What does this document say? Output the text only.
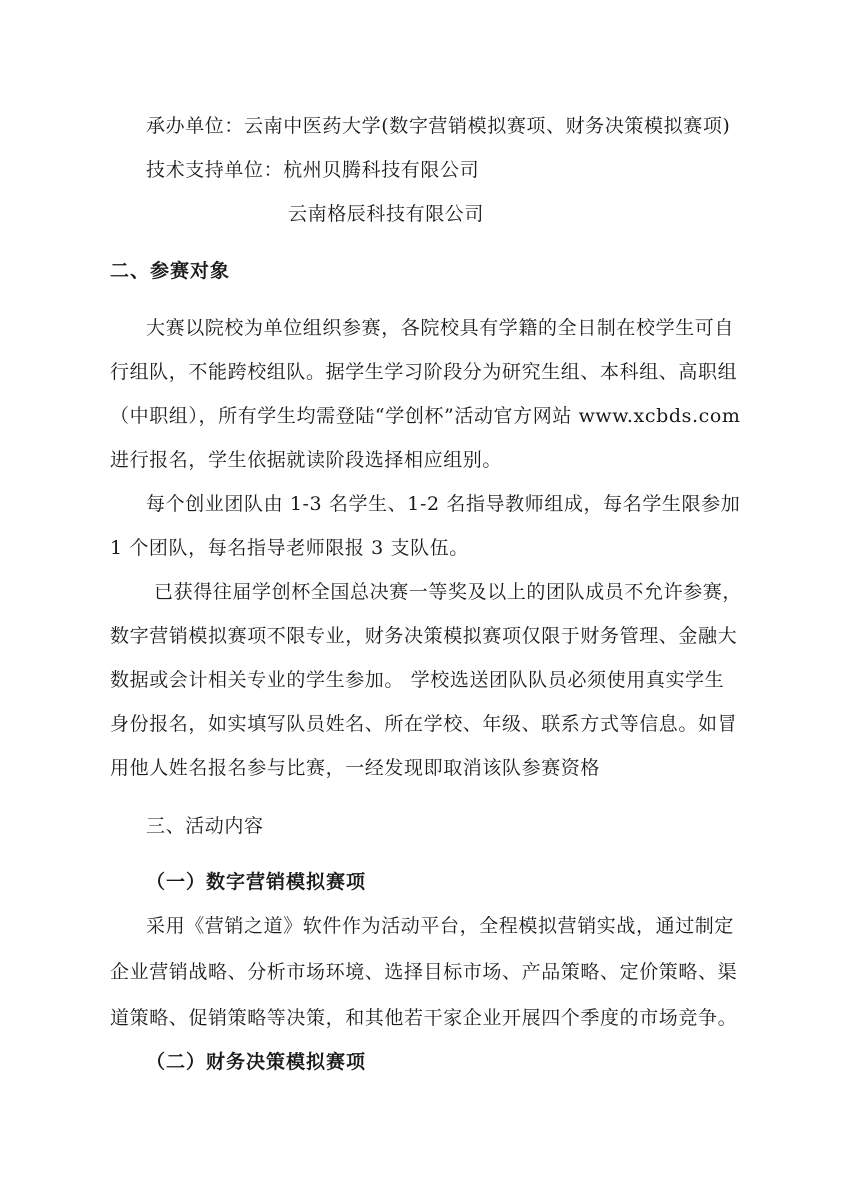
承办单位：云南中医药大学(数字营销模拟赛项、财务决策模拟赛项)
技术支持单位：杭州贝腾科技有限公司
云南格辰科技有限公司
二、参赛对象
大赛以院校为单位组织参赛，各院校具有学籍的全日制在校学生可自
行组队，不能跨校组队。据学生学习阶段分为研究生组、本科组、高职组
（中职组），所有学生均需登陆“学创杯”活动官方网站 www.xcbds.com
进行报名，学生依据就读阶段选择相应组别。
每个创业团队由 1-3 名学生、1-2 名指导教师组成，每名学生限参加
1 个团队，每名指导老师限报 3 支队伍。
已获得往届学创杯全国总决赛一等奖及以上的团队成员不允许参赛，
数字营销模拟赛项不限专业，财务决策模拟赛项仅限于财务管理、金融大
数据或会计相关专业的学生参加。 学校选送团队队员必须使用真实学生
身份报名，如实填写队员姓名、所在学校、年级、联系方式等信息。如冒
用他人姓名报名参与比赛，一经发现即取消该队参赛资格
三、活动内容
（一）数字营销模拟赛项
采用《营销之道》软件作为活动平台，全程模拟营销实战，通过制定
企业营销战略、分析市场环境、选择目标市场、产品策略、定价策略、渠
道策略、促销策略等决策，和其他若干家企业开展四个季度的市场竞争。
（二）财务决策模拟赛项
